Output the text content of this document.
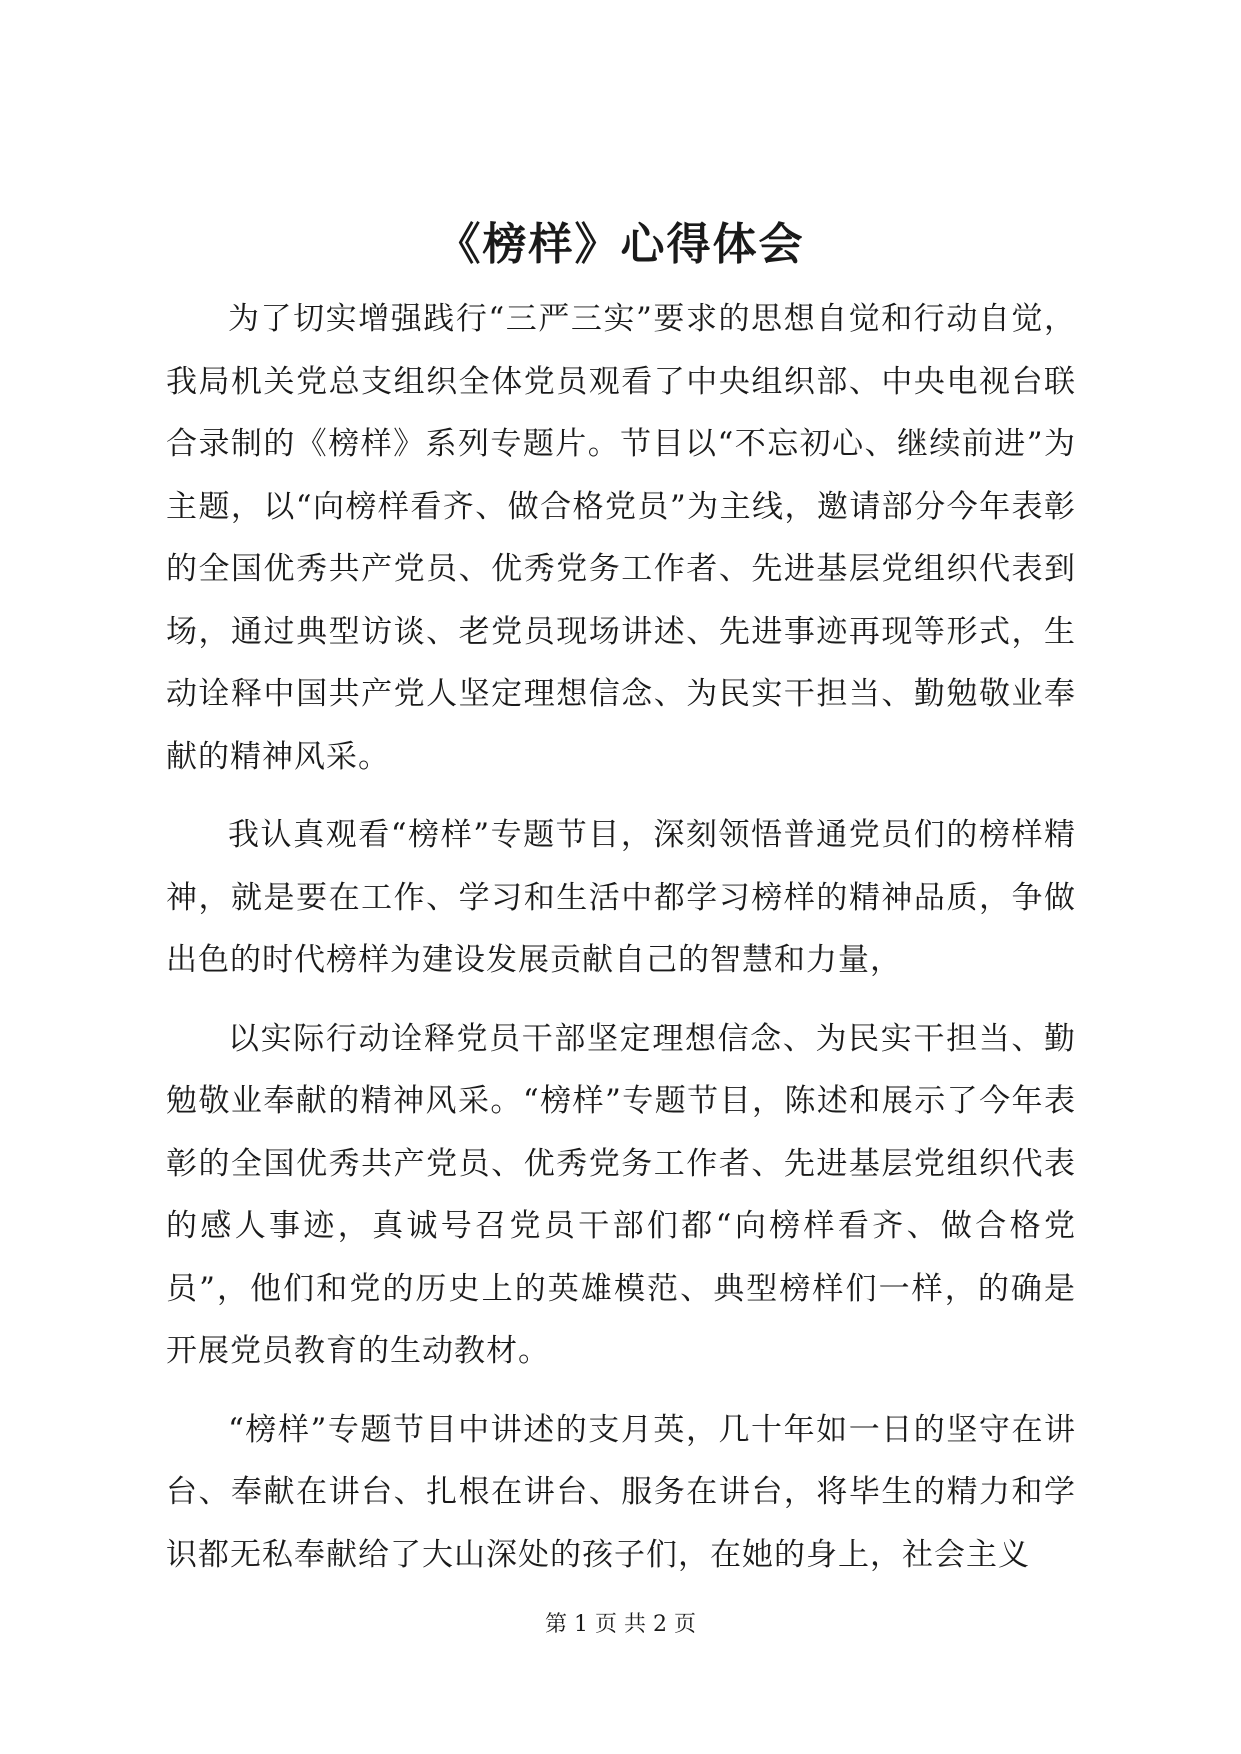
《榜样》心得体会

为了切实增强践行“三严三实”要求的思想自觉和行动自觉，我局机关党总支组织全体党员观看了中央组织部、中央电视台联合录制的《榜样》系列专题片。节目以“不忘初心、继续前进”为主题，以“向榜样看齐、做合格党员”为主线，邀请部分今年表彰的全国优秀共产党员、优秀党务工作者、先进基层党组织代表到场，通过典型访谈、老党员现场讲述、先进事迹再现等形式，生动诠释中国共产党人坚定理想信念、为民实干担当、勤勉敬业奉献的精神风采。

我认真观看“榜样”专题节目，深刻领悟普通党员们的榜样精神，就是要在工作、学习和生活中都学习榜样的精神品质，争做出色的时代榜样为建设发展贡献自己的智慧和力量，

以实际行动诠释党员干部坚定理想信念、为民实干担当、勤勉敬业奉献的精神风采。“榜样”专题节目，陈述和展示了今年表彰的全国优秀共产党员、优秀党务工作者、先进基层党组织代表的感人事迹，真诚号召党员干部们都“向榜样看齐、做合格党员”，他们和党的历史上的英雄模范、典型榜样们一样，的确是开展党员教育的生动教材。

“榜样”专题节目中讲述的支月英，几十年如一日的坚守在讲台、奉献在讲台、扎根在讲台、服务在讲台，将毕生的精力和学识都无私奉献给了大山深处的孩子们，在她的身上，社会主义

第 1 页 共 2 页
